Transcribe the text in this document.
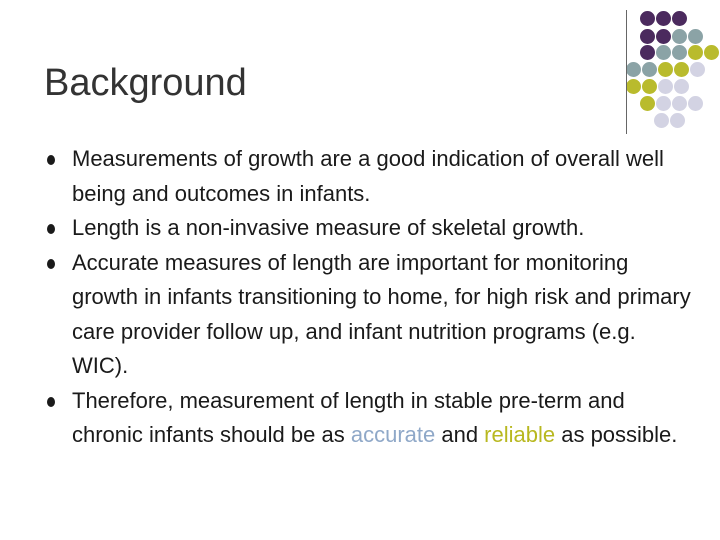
Background
Measurements of growth are a good indication of overall well being and outcomes in infants.
Length is a non-invasive measure of skeletal growth.
Accurate measures of length are important for monitoring growth in infants transitioning to home, for high risk and primary care provider follow up, and infant nutrition programs (e.g. WIC).
Therefore, measurement of length in stable pre-term and chronic infants should be as accurate and reliable as possible.
